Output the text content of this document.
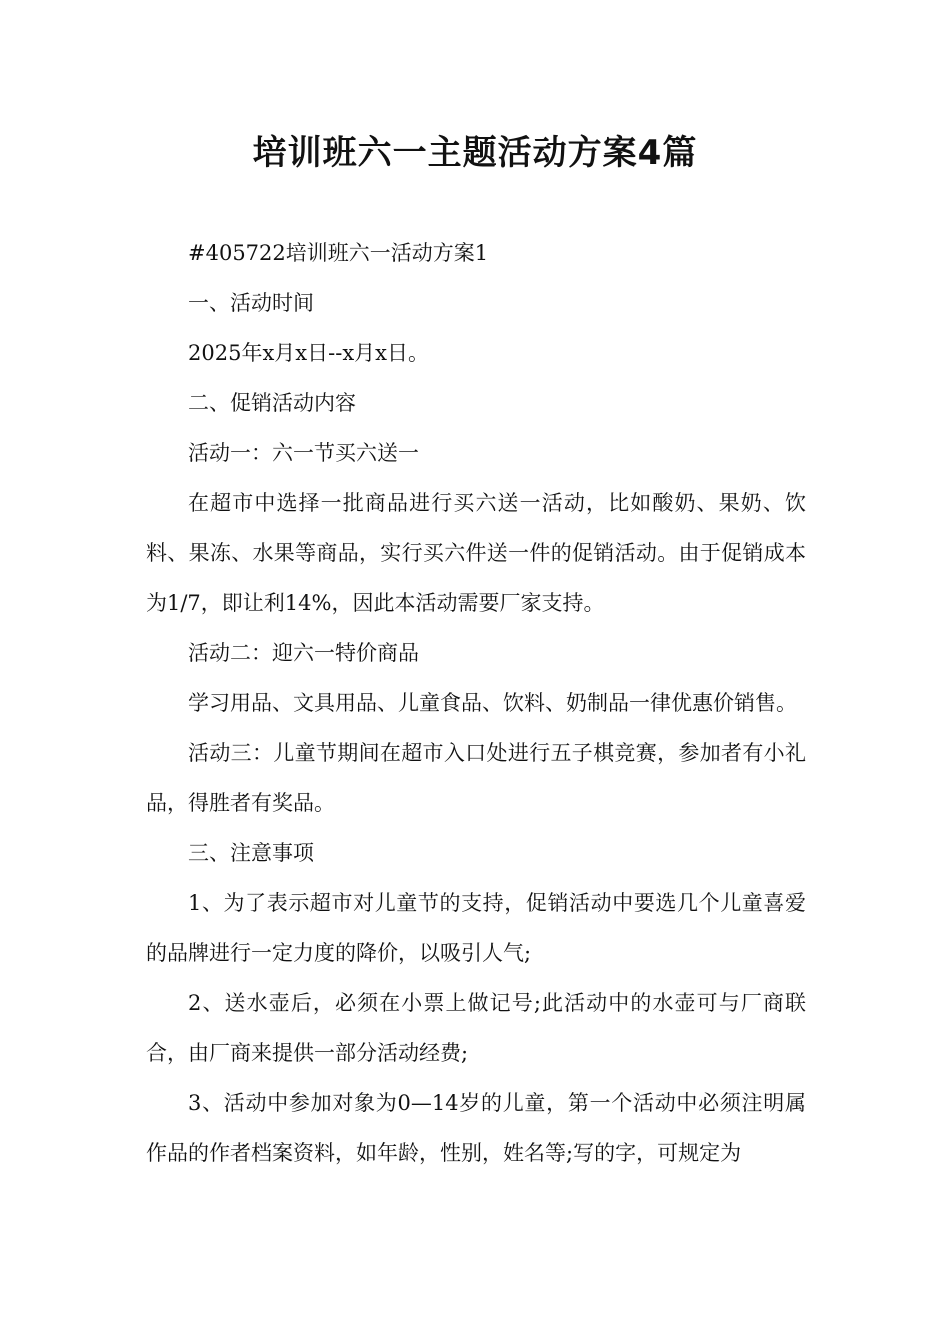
培训班六一主题活动方案4篇

#405722培训班六一活动方案1

一、活动时间

2025年x月x日--x月x日。

二、促销活动内容

活动一：六一节买六送一

在超市中选择一批商品进行买六送一活动，比如酸奶、果奶、饮料、果冻、水果等商品，实行买六件送一件的促销活动。由于促销成本为1/7，即让利14%，因此本活动需要厂家支持。

活动二：迎六一特价商品

学习用品、文具用品、儿童食品、饮料、奶制品一律优惠价销售。

活动三：儿童节期间在超市入口处进行五子棋竞赛，参加者有小礼品，得胜者有奖品。

三、注意事项

1、为了表示超市对儿童节的支持，促销活动中要选几个儿童喜爱的品牌进行一定力度的降价，以吸引人气;

2、送水壶后，必须在小票上做记号;此活动中的水壶可与厂商联合，由厂商来提供一部分活动经费;

3、活动中参加对象为0—14岁的儿童，第一个活动中必须注明属作品的作者档案资料，如年龄，性别，姓名等;写的字，可规定为
